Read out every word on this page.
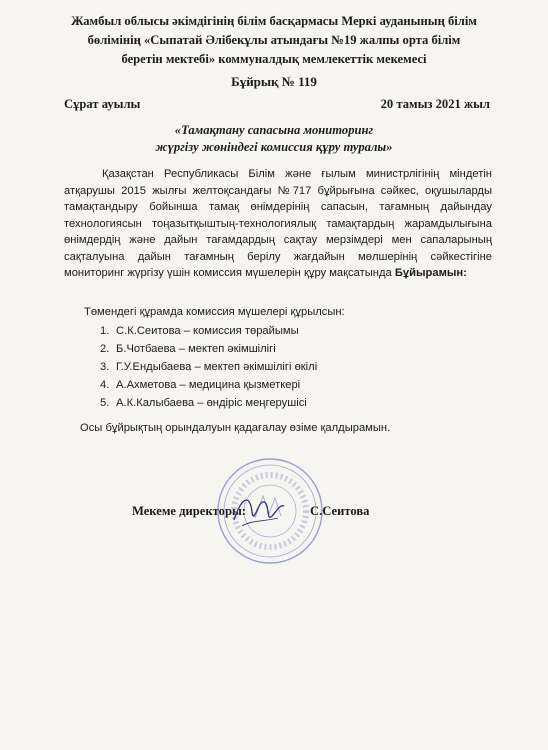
Жамбыл облысы әкімдігінің білім басқармасы Меркі ауданының білім
бөлімінің «Сыпатай Әлібекұлы атындағы №19 жалпы орта білім
беретін мектебі» коммуналдық мемлекеттік мекемесі
Бұйрық № 119
Сұрат ауылы	20 тамыз 2021 жыл
«Тамақтану сапасына мониторинг
жүргізу жөніндегі комиссия құру туралы»

Қазақстан Республикасы Білім және ғылым министрлігінің міндетін атқарушы 2015 жылғы желтоқсандағы №717 бұйрығына сәйкес, оқушыларды тамақтандыру бойынша тамақ өнімдерінің сапасын, тағамның дайындау технологиясын тоңазытқыштың-технологиялық тамақтардың жарамдылығына өнімдердің және дайын тағамдардың сақтау мерзімдері мен сапаларының сақталуына дайын тағамның берілу жағдайын мөлшерінің сәйкестігіне мониторинг жүргізу үшін комиссия мүшелерін құру мақсатында Бұйырамын:

Төмендегі құрамда комиссия мүшелері құрылсын:
1. С.К.Сеитова – комиссия төрайымы
2. Б.Чотбаева – мектеп әкімшілігі
3. Г.У.Ендыбаева – мектеп әкімшілігі өкілі
4. А.Ахметова – медицина қызметкері
5. А.К.Калыбаева – өндіріс меңгерушісі
Осы бұйрықтың орындалуын қадағалау өзіме қалдырамын.
Мекеме директоры:	С.Сеитова
